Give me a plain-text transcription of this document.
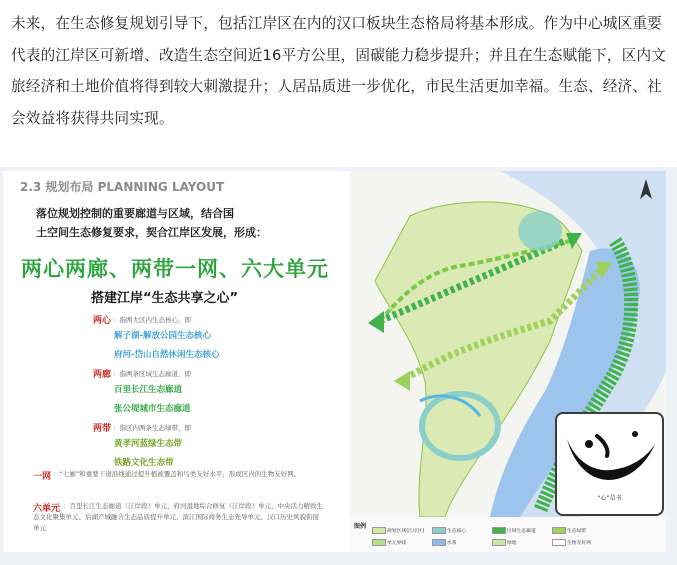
未来，在生态修复规划引导下，包括江岸区在内的汉口板块生态格局将基本形成。作为中心城区重要代表的江岸区可新增、改造生态空间近16平方公里，固碳能力稳步提升；并且在生态赋能下，区内文旅经济和土地价值将得到较大刺激提升；人居品质进一步优化，市民生活更加幸福。生态、经济、社会效益将获得共同实现。
2.3 规划布局 PLANNING LAYOUT
落位规划控制的重要廊道与区域，结合国
土空间生态修复要求，契合江岸区发展，形成：
两心两廊、两带一网、六大单元
搭建江岸“生态共享之心”
两心 ：指两大区内生态核心，即
解子湖-解放公园生态核心
府河-岱山自然休闲生态核心
两廊 ：指两条区域生态廊道，即
百里长江生态廊道
张公堤城市生态廊道
两带 ：指区内两条生态绿带，即
黄孝河蓝绿生态带
铁路文化生态带
一网 ：“七廊”和重要干道沿线通过提升植被覆盖和鸟类友好水平，形成区内的生物友好网。
六单元 ：百里长江生态廊道（江岸段）单元、府河湿地综合修复（江岸段）单元、中央活力精致生态文化聚集单元、后湖产城融合生态品质提升单元、滨江国际商务生态先导单元、汉口历史风貌衔接单元
“心”草书
图例
规划区域(江岸区)	生态核心	区域生态廊道	生态绿带
单元界线	水系	绿地	生物友好网
